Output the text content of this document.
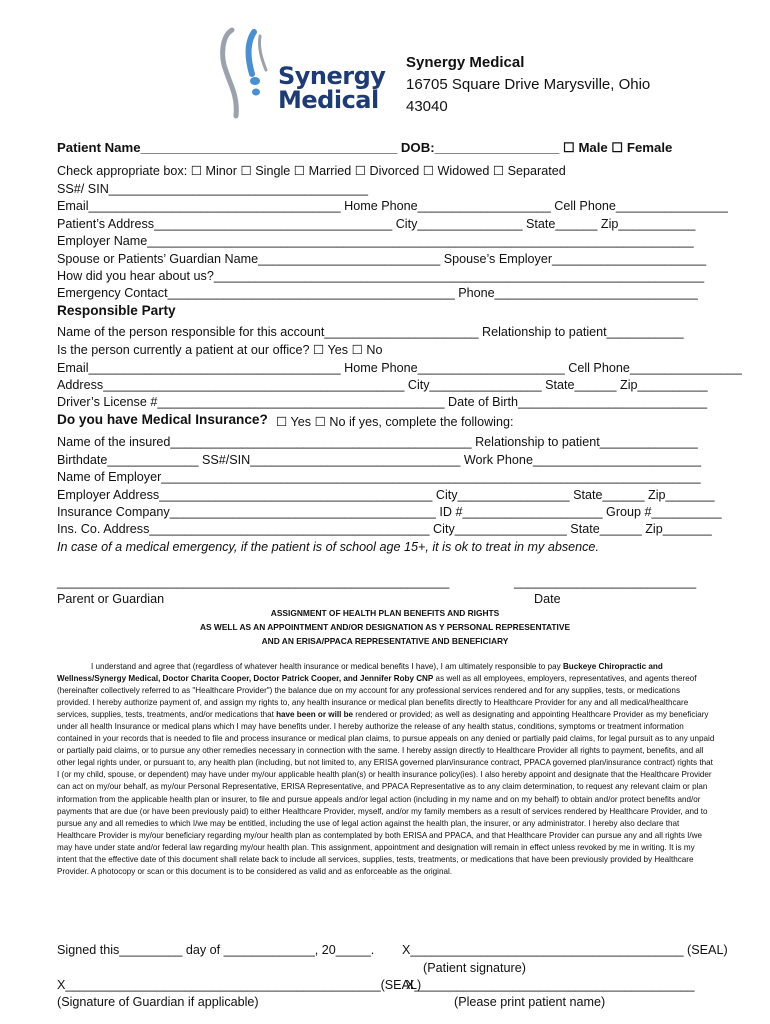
Synergy
Medical
Synergy Medical
16705 Square Drive Marysville, Ohio
43040
Patient Name___________________________________ DOB:_________________ ☐ Male ☐ Female
Check appropriate box: ☐ Minor ☐ Single ☐ Married ☐ Divorced ☐ Widowed ☐ Separated
SS#/ SIN_____________________________________
Email____________________________________ Home Phone___________________ Cell Phone________________
Patient’s Address__________________________________ City_______________ State______ Zip___________
Employer Name______________________________________________________________________________
Spouse or Patients’ Guardian Name__________________________ Spouse’s Employer______________________
How did you hear about us?______________________________________________________________________
Emergency Contact_________________________________________ Phone_____________________________
Responsible Party
Name of the person responsible for this account______________________ Relationship to patient___________
Is the person currently a patient at our office? ☐ Yes ☐ No
Email____________________________________ Home Phone_____________________ Cell Phone________________
Address___________________________________________ City________________ State______ Zip__________
Driver’s License #_________________________________________ Date of Birth___________________________
Do you have Medical Insurance? ☐ Yes ☐ No if yes, complete the following:
Name of the insured___________________________________________ Relationship to patient______________
Birthdate_____________ SS#/SIN______________________________ Work Phone________________________
Name of Employer_____________________________________________________________________________
Employer Address_______________________________________ City________________ State______ Zip_______
Insurance Company______________________________________ ID #____________________ Group #__________
Ins. Co. Address________________________________________ City________________ State______ Zip_______
In case of a medical emergency, if the patient is of school age 15+, it is ok to treat in my absence.
________________________________________________________	__________________________
Parent or Guardian	Date
ASSIGNMENT OF HEALTH PLAN BENEFITS AND RIGHTS
AS WELL AS AN APPOINTMENT AND/OR DESIGNATION AS Y PERSONAL REPRESENTATIVE
AND AN ERISA/PPACA REPRESENTATIVE AND BENEFICIARY
I understand and agree that (regardless of whatever health insurance or medical benefits I have), I am ultimately responsible to pay Buckeye Chiropractic and Wellness/Synergy Medical, Doctor Charita Cooper, Doctor Patrick Cooper, and Jennifer Roby CNP as well as all employees, employers, representatives, and agents thereof (hereinafter collectively referred to as "Healthcare Provider") the balance due on my account for any professional services rendered and for any supplies, tests, or medications provided. I hereby authorize payment of, and assign my rights to, any health insurance or medical plan benefits directly to Healthcare Provider for any and all medical/healthcare services, supplies, tests, treatments, and/or medications that have been or will be rendered or provided; as well as designating and appointing Healthcare Provider as my beneficiary under all health Insurance or medical plans which I may have benefits under. I hereby authorize the release of any health status, conditions, symptoms or treatment information contained in your records that is needed to file and process insurance or medical plan claims, to pursue appeals on any denied or partially paid claims, for legal pursuit as to any unpaid or partially paid claims, or to pursue any other remedies necessary in connection with the same. I hereby assign directly to Healthcare Provider all rights to payment, benefits, and all other legal rights under, or pursuant to, any health plan (including, but not limited to, any ERISA governed plan/insurance contract, PPACA governed plan/insurance contract) rights that I (or my child, spouse, or dependent) may have under my/our applicable health plan(s) or health insurance policy(ies). I also hereby appoint and designate that the Healthcare Provider can act on my/our behalf, as my/our Personal Representative, ERISA Representative, and PPACA Representative as to any claim determination, to request any relevant claim or plan information from the applicable health plan or insurer, to file and pursue appeals and/or legal action (including in my name and on my behalf) to obtain and/or protect benefits and/or payments that are due (or have been previously paid) to either Healthcare Provider, myself, and/or my family members as a result of services rendered by Healthcare Provider, and to pursue any and all remedies to which I/we may be entitled, including the use of legal action against the health plan, the insurer, or any administrator. I hereby also declare that Healthcare Provider is my/our beneficiary regarding my/our health plan as contemplated by both ERISA and PPACA, and that Healthcare Provider can pursue any and all rights I/we may have under state and/or federal law regarding my/our health plan. This assignment, appointment and designation will remain in effect unless revoked by me in writing. It is my intent that the effective date of this document shall relate back to include all services, supplies, tests, treatments, or medications that have been previously provided by Healthcare Provider. A photocopy or scan or this document is to be considered as valid and as enforceable as the original.
Signed this_________ day of _____________, 20_____. X_______________________________________ (SEAL)
(Patient signature)
X_____________________________________________(SEAL)
X________________________________________
(Signature of Guardian if applicable)	(Please print patient name)
